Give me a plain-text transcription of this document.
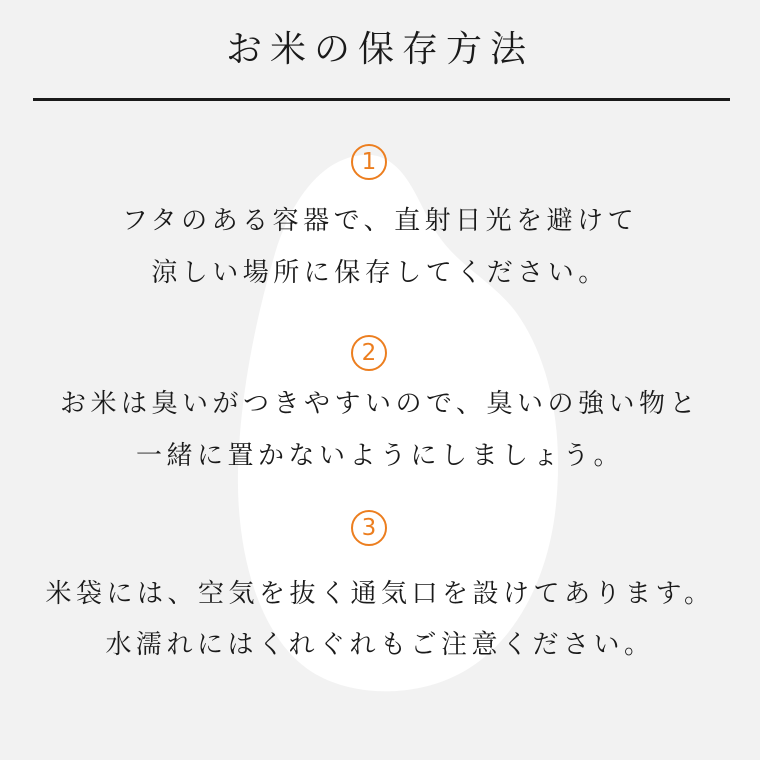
お米の保存方法
1
フタのある容器で、直射日光を避けて
涼しい場所に保存してください。
2
お米は臭いがつきやすいので、臭いの強い物と
一緒に置かないようにしましょう。
3
米袋には、空気を抜く通気口を設けてあります。
水濡れにはくれぐれもご注意ください。
